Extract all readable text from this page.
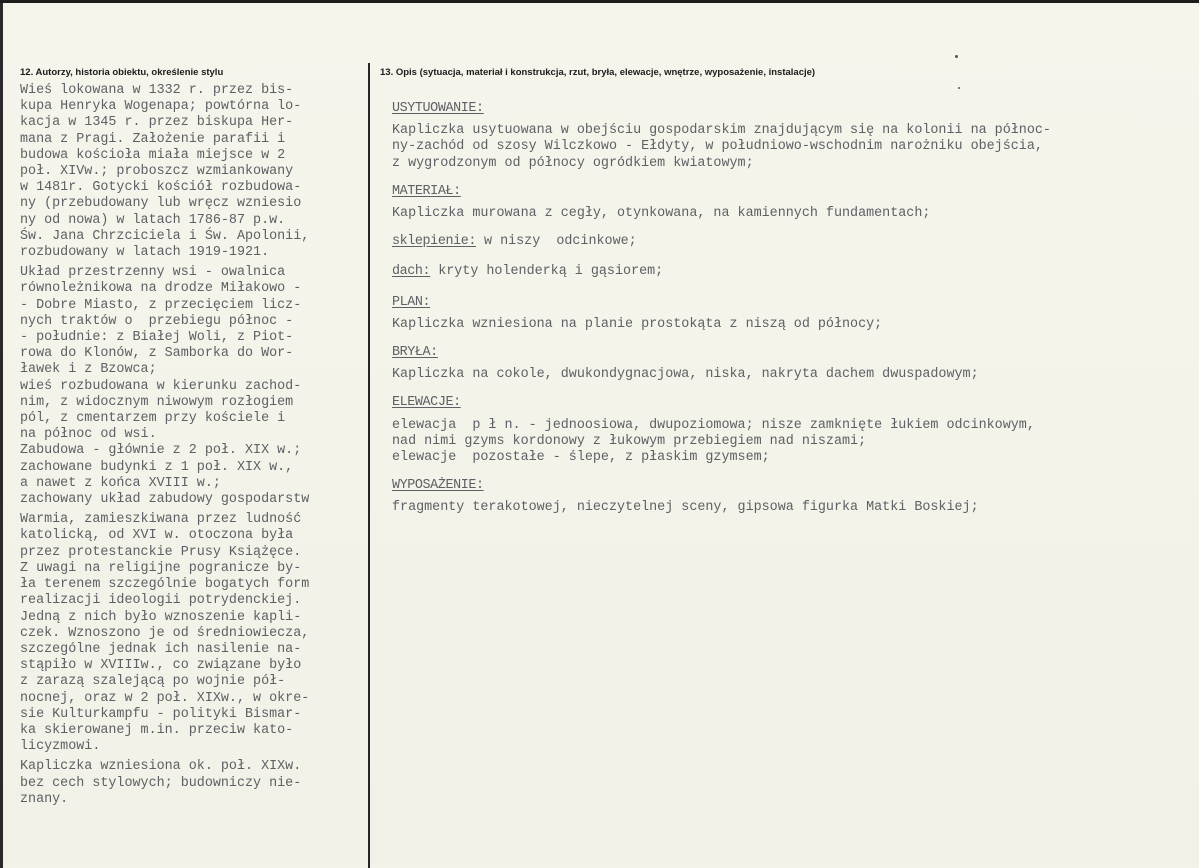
12. Autorzy, historia obiektu, określenie stylu	13. Opis (sytuacja, materiał i konstrukcja, rzut, bryła, elewacje, wnętrze, wyposażenie, instalacje)

Wieś lokowana w 1332 r. przez bis-
kupa Henryka Wogenapa; powtórna lo-
kacja w 1345 r. przez biskupa Her-
mana z Pragi. Założenie parafii i
budowa kościoła miała miejsce w 2
poł. XIVw.; proboszcz wzmiankowany
w 1481r. Gotycki kościół rozbudowa-
ny (przebudowany lub wręcz wzniesio
ny od nowa) w latach 1786-87 p.w.
Św. Jana Chrzciciela i Św. Apolonii,
rozbudowany w latach 1919-1921.

Układ przestrzenny wsi - owalnica
równoleżnikowa na drodze Miłakowo -
- Dobre Miasto, z przecięciem licz-
nych traktów o  przebiegu północ -
- południe: z Białej Woli, z Piot-
rowa do Klonów, z Samborka do Wor-
ławek i z Bzowca;
wieś rozbudowana w kierunku zachod-
nim, z widocznym niwowym rozłogiem
pól, z cmentarzem przy kościele i
na północ od wsi.
Zabudowa - głównie z 2 poł. XIX w.;
zachowane budynki z 1 poł. XIX w.,
a nawet z końca XVIII w.;
zachowany układ zabudowy gospodarstw

Warmia, zamieszkiwana przez ludność
katolicką, od XVI w. otoczona była
przez protestanckie Prusy Książęce.
Z uwagi na religijne pogranicze by-
ła terenem szczególnie bogatych form
realizacji ideologii potrydenckiej.
Jedną z nich było wznoszenie kapli-
czek. Wznoszono je od średniowiecza,
szczególne jednak ich nasilenie na-
stąpiło w XVIIIw., co związane było
z zarazą szalejącą po wojnie pół-
nocnej, oraz w 2 poł. XIXw., w okre-
sie Kulturkampfu - polityki Bismar-
ka skierowanej m.in. przeciw kato-
licyzmowi.

Kapliczka wzniesiona ok. poł. XIXw.
bez cech stylowych; budowniczy nie-
znany.

USYTUOWANIE:
Kapliczka usytuowana w obejściu gospodarskim znajdującym się na kolonii na północ-
ny-zachód od szosy Wilczkowo - Ełdyty, w południowo-wschodnim narożniku obejścia,
z wygrodzonym od północy ogródkiem kwiatowym;
MATERIAŁ:
Kapliczka murowana z cegły, otynkowana, na kamiennych fundamentach;
sklepienie: w niszy  odcinkowe;
dach: kryty holenderką i gąsiorem;
PLAN:
Kapliczka wzniesiona na planie prostokąta z niszą od północy;
BRYŁA:
Kapliczka na cokole, dwukondygnacjowa, niska, nakryta dachem dwuspadowym;
ELEWACJE:
elewacja  p ł n. - jednoosiowa, dwupoziomowa; nisze zamknięte łukiem odcinkowym,
nad nimi gzyms kordonowy z łukowym przebiegiem nad niszami;
elewacje  pozostałe - ślepe, z płaskim gzymsem;
WYPOSAŻENIE:
fragmenty terakotowej, nieczytelnej sceny, gipsowa figurka Matki Boskiej;
